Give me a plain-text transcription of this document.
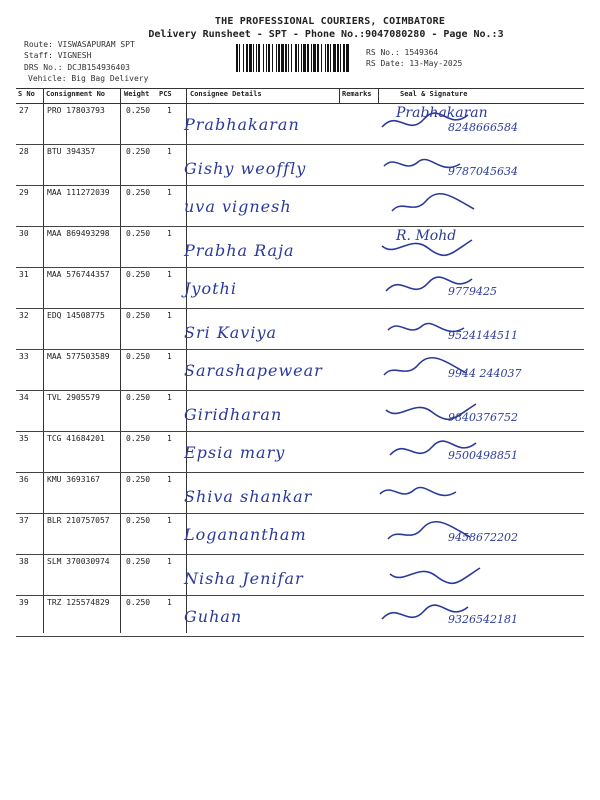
THE PROFESSIONAL COURIERS, COIMBATORE
Delivery Runsheet - SPT - Phone No.:9047080280 - Page No.:3
Route: VISWASAPURAM SPT
Staff: VIGNESH
DRS No.: DCJB154936403
Vehicle: Big Bag Delivery
RS No.: 1549364
RS Date: 13-May-2025
S No Consignment No	Weight PCS	Consignee Details	Remarks	Seal & Signature
27 PRO 17803793	0.250 1
Prabhakaran
Prabhakaran
8248666584
28 BTU 394357	0.250 1
Gishy weoffly	9787045634
29 MAA 111272039 0.250 1
uva vignesh
30 MAA 869493298 0.250 1
Prabha Raja
R. Mohd
31 MAA 576744357 0.250 1
Jyothi	9779425
32 EDQ 14508775	0.250 1
Sri Kaviya	9524144511
33 MAA 577503589 0.250 1
Sarashapewear	9944 244037
34 TVL 2905579	0.250 1
Giridharan	9840376752
35 TCG 41684201	0.250 1
Epsia mary	9500498851
36 KMU 3693167	0.250 1
Shiva shankar
37 BLR 210757057 0.250 1
Loganantham	9458672202
38 SLM 370030974 0.250 1
Nisha Jenifar
39 TRZ 125574829 0.250 1
Guhan	9326542181
